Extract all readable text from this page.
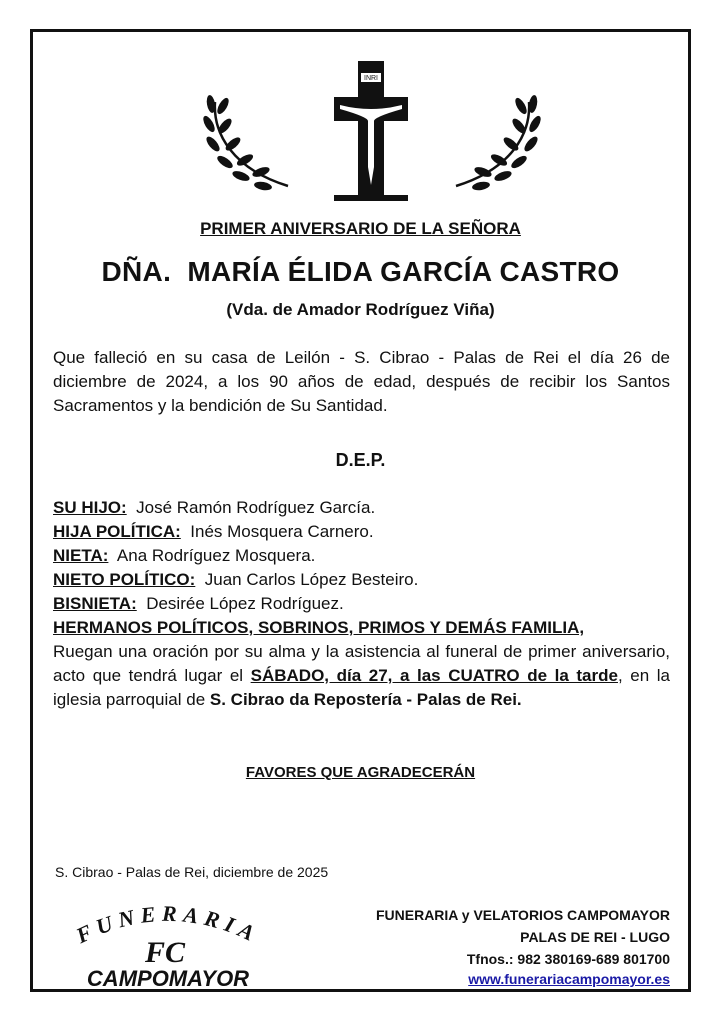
INRI
PRIMER ANIVERSARIO DE LA SEÑORA
DÑA.  MARÍA ÉLIDA GARCÍA CASTRO
(Vda. de Amador Rodríguez Viña)
Que falleció en su casa de Leilón - S. Cibrao - Palas de Rei el día 26 de diciembre de 2024, a los 90 años de edad, después de recibir los Santos Sacramentos y la bendición de Su Santidad.
D.E.P.
SU HIJO: José Ramón Rodríguez García.
HIJA POLÍTICA: Inés Mosquera Carnero.
NIETA: Ana Rodríguez Mosquera.
NIETO POLÍTICO: Juan Carlos López Besteiro.
BISNIETA: Desirée López Rodríguez.
HERMANOS POLÍTICOS, SOBRINOS, PRIMOS Y DEMÁS FAMILIA,
Ruegan una oración por su alma y la asistencia al funeral de primer aniversario, acto que tendrá lugar el SÁBADO, día 27, a las CUATRO de la tarde, en la iglesia parroquial de S. Cibrao da Repostería - Palas de Rei.
FAVORES QUE AGRADECERÁN
S. Cibrao - Palas de Rei, diciembre de 2025
FUNERARIA
FC
CAMPOMAYOR
FUNERARIA y VELATORIOS CAMPOMAYOR
PALAS DE REI - LUGO
Tfnos.: 982 380169-689 801700
www.funerariacampomayor.es
